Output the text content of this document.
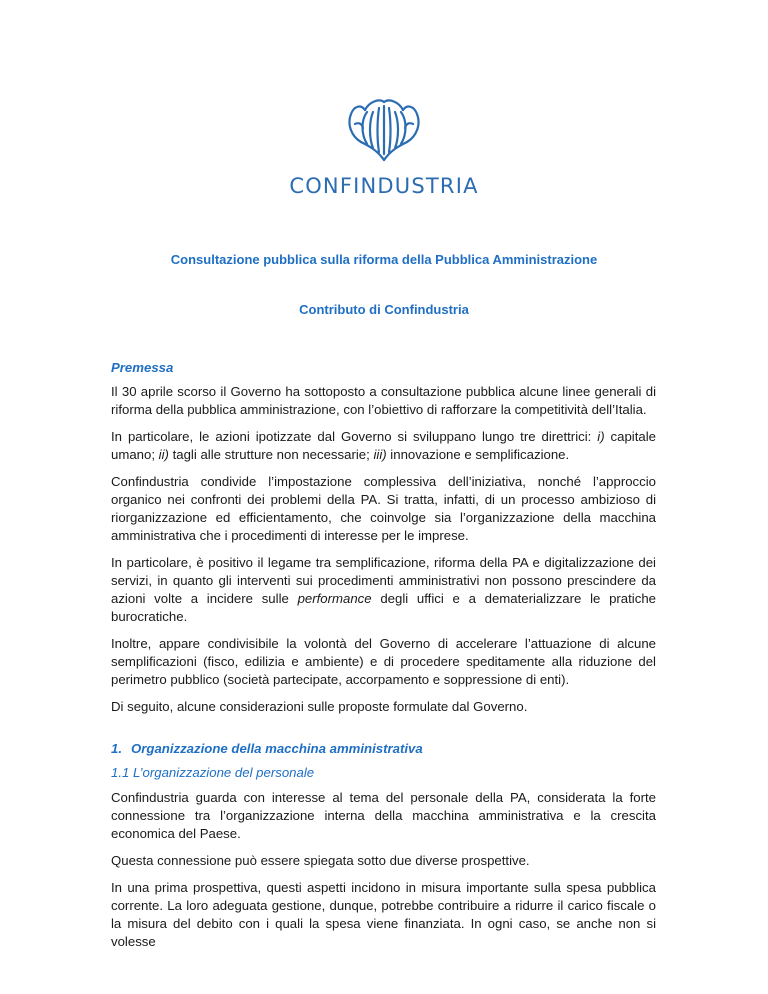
CONFINDUSTRIA
Consultazione pubblica sulla riforma della Pubblica Amministrazione
Contributo di Confindustria
Premessa

Il 30 aprile scorso il Governo ha sottoposto a consultazione pubblica alcune linee generali di riforma della pubblica amministrazione, con l’obiettivo di rafforzare la competitività dell’Italia.

In particolare, le azioni ipotizzate dal Governo si sviluppano lungo tre direttrici: i) capitale umano; ii) tagli alle strutture non necessarie; iii) innovazione e semplificazione.

Confindustria condivide l’impostazione complessiva dell’iniziativa, nonché l’approccio organico nei confronti dei problemi della PA. Si tratta, infatti, di un processo ambizioso di riorganizzazione ed efficientamento, che coinvolge sia l’organizzazione della macchina amministrativa che i procedimenti di interesse per le imprese.

In particolare, è positivo il legame tra semplificazione, riforma della PA e digitalizzazione dei servizi, in quanto gli interventi sui procedimenti amministrativi non possono prescindere da azioni volte a incidere sulle performance degli uffici e a dematerializzare le pratiche burocratiche.

Inoltre, appare condivisibile la volontà del Governo di accelerare l’attuazione di alcune semplificazioni (fisco, edilizia e ambiente) e di procedere speditamente alla riduzione del perimetro pubblico (società partecipate, accorpamento e soppressione di enti).

Di seguito, alcune considerazioni sulle proposte formulate dal Governo.

1. Organizzazione della macchina amministrativa
1.1 L’organizzazione del personale

Confindustria guarda con interesse al tema del personale della PA, considerata la forte connessione tra l’organizzazione interna della macchina amministrativa e la crescita economica del Paese.

Questa connessione può essere spiegata sotto due diverse prospettive.

In una prima prospettiva, questi aspetti incidono in misura importante sulla spesa pubblica corrente. La loro adeguata gestione, dunque, potrebbe contribuire a ridurre il carico fiscale o la misura del debito con i quali la spesa viene finanziata. In ogni caso, se anche non si volesse
